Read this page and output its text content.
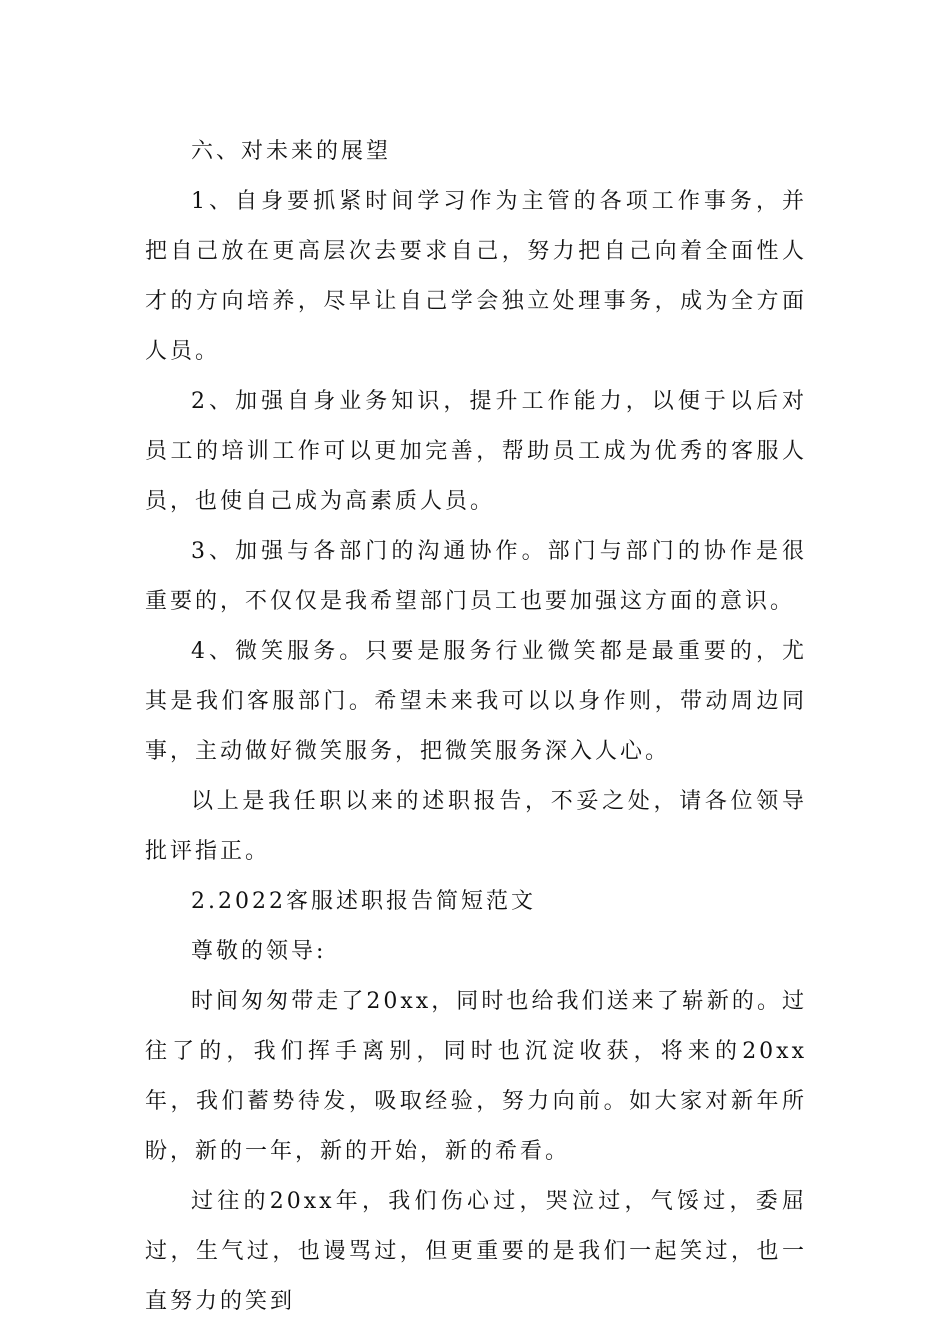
六、对未来的展望

1、自身要抓紧时间学习作为主管的各项工作事务，并把自己放在更高层次去要求自己，努力把自己向着全面性人才的方向培养，尽早让自己学会独立处理事务，成为全方面人员。

2、加强自身业务知识，提升工作能力，以便于以后对员工的培训工作可以更加完善，帮助员工成为优秀的客服人员，也使自己成为高素质人员。

3、加强与各部门的沟通协作。部门与部门的协作是很重要的，不仅仅是我希望部门员工也要加强这方面的意识。

4、微笑服务。只要是服务行业微笑都是最重要的，尤其是我们客服部门。希望未来我可以以身作则，带动周边同事，主动做好微笑服务，把微笑服务深入人心。

以上是我任职以来的述职报告，不妥之处，请各位领导批评指正。

2.2022客服述职报告简短范文

尊敬的领导:

时间匆匆带走了20xx，同时也给我们送来了崭新的。过往了的，我们挥手离别，同时也沉淀收获，将来的20xx年，我们蓄势待发，吸取经验，努力向前。如大家对新年所盼，新的一年，新的开始，新的希看。

过往的20xx年，我们伤心过，哭泣过，气馁过，委屈过，生气过，也谩骂过，但更重要的是我们一起笑过，也一直努力的笑到
